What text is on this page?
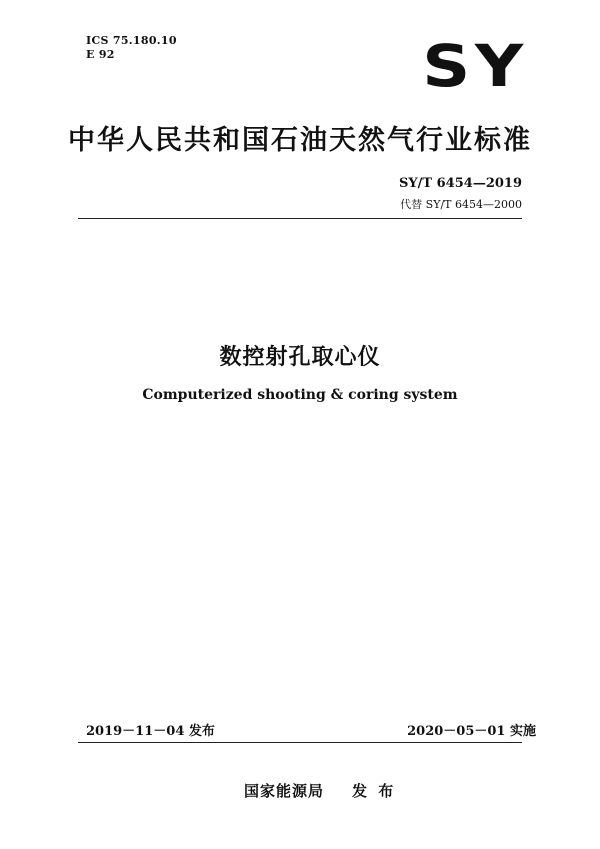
ICS 75.180.10
E 92	SY
中华人民共和国石油天然气行业标准
SY/T 6454—2019
代替 SY/T 6454—2000
数控射孔取心仪
Computerized shooting & coring system
2019－11－04 发布	2020－05－01 实施
国家能源局 发 布
